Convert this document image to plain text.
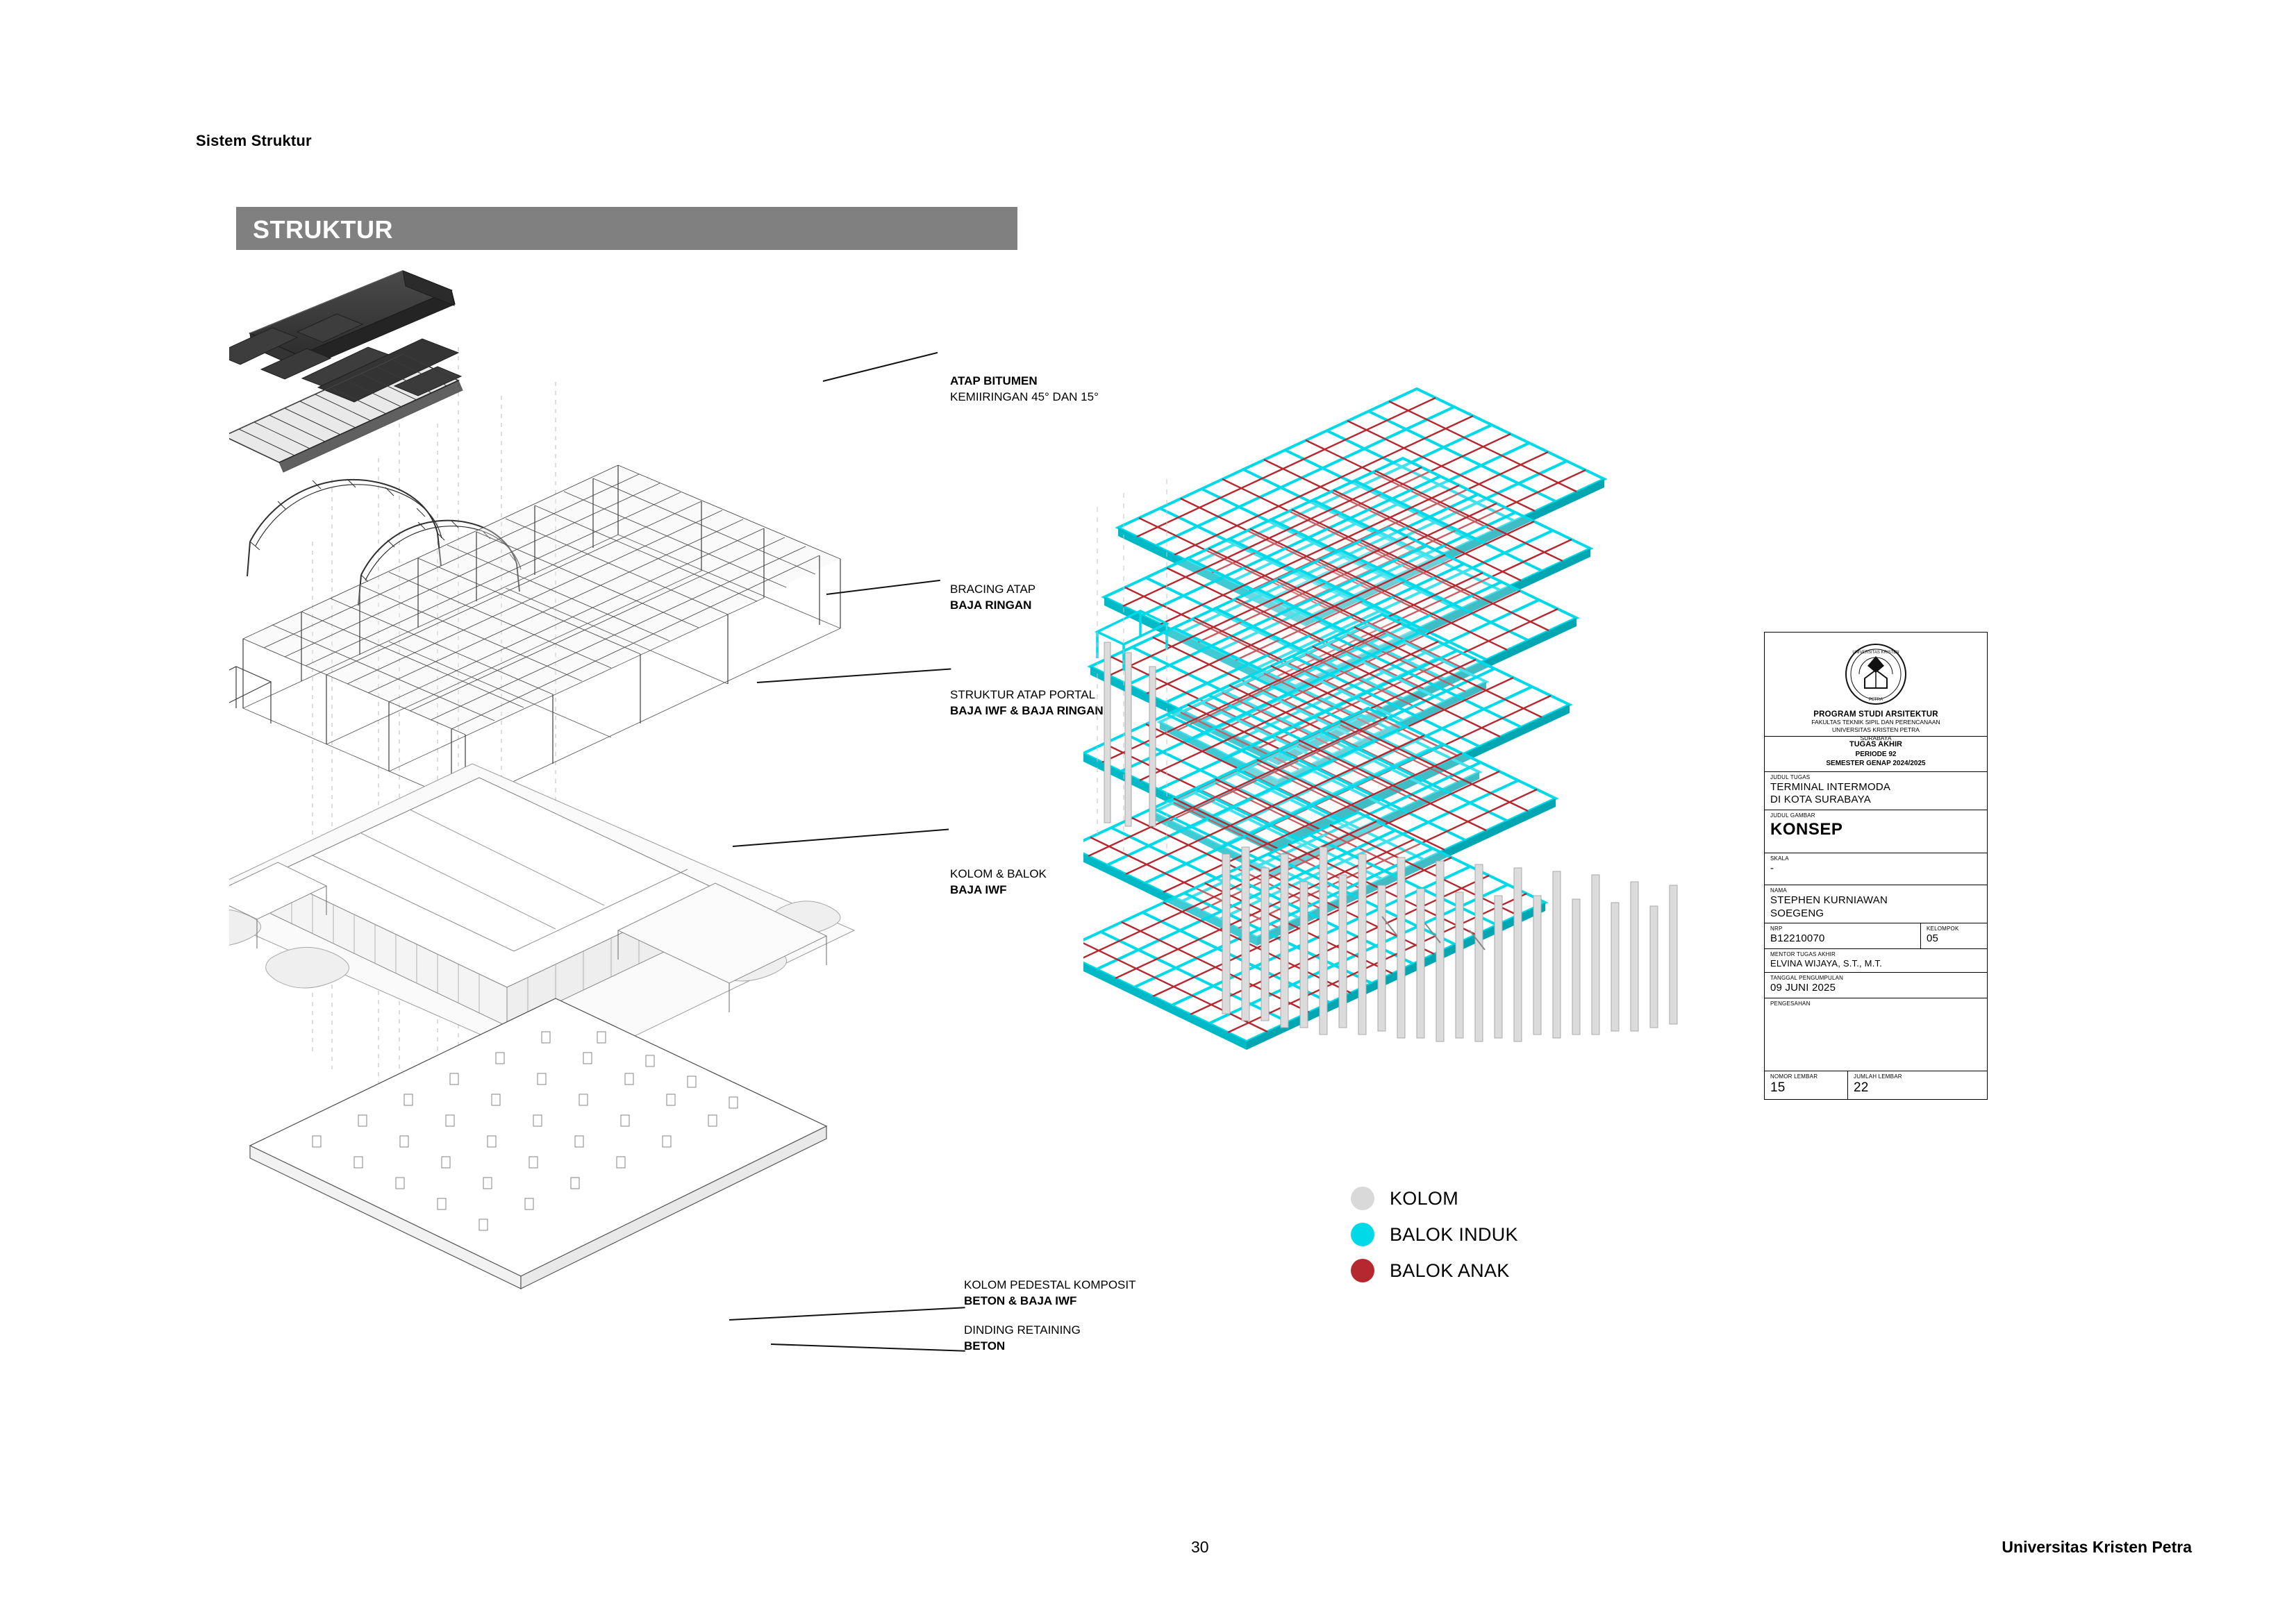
Sistem Struktur
STRUKTUR
ATAP BITUMEN
KEMIIRINGAN 45° DAN 15°
BRACING ATAP
BAJA RINGAN
STRUKTUR ATAP PORTAL
BAJA IWF & BAJA RINGAN
KOLOM & BALOK
BAJA IWF
KOLOM PEDESTAL KOMPOSIT
BETON & BAJA IWF
DINDING RETAINING
BETON
KOLOM
BALOK INDUK
BALOK ANAK
UNIVERSITAS KRISTEN
PETRA
PROGRAM STUDI ARSITEKTUR
FAKULTAS TEKNIK SIPIL DAN PERENCANAAN
UNIVERSITAS KRISTEN PETRA
SURABAYA
TUGAS AKHIR
PERIODE 92
SEMESTER GENAP 2024/2025
JUDUL TUGAS
TERMINAL INTERMODA
DI KOTA SURABAYA
JUDUL GAMBAR
KONSEP
SKALA
-
NAMA
STEPHEN KURNIAWAN
SOEGENG
NRP
B12210070
KELOMPOK
05
MENTOR TUGAS AKHIR
ELVINA WIJAYA, S.T., M.T.
TANGGAL PENGUMPULAN
09 JUNI 2025
PENGESAHAN
NOMOR LEMBAR
15
JUMLAH LEMBAR
22
30	Universitas Kristen Petra
